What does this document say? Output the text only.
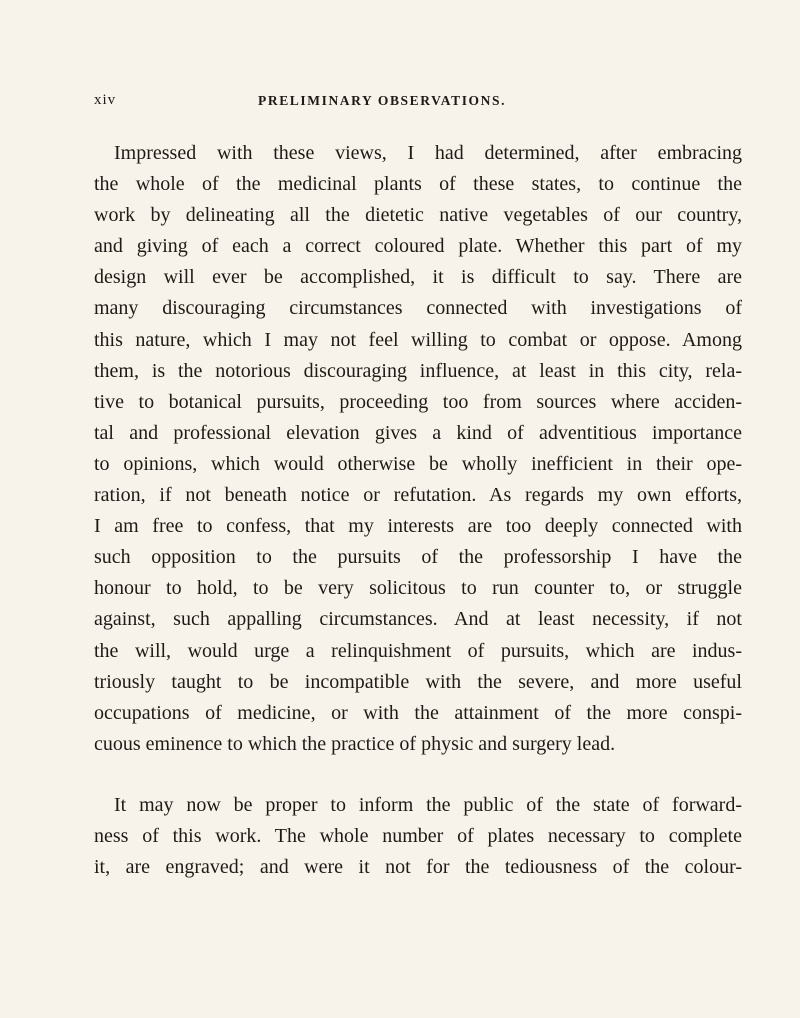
xiv	PRELIMINARY OBSERVATIONS.

Impressed with these views, I had determined, after embracing
the whole of the medicinal plants of these states, to continue the
work by delineating all the dietetic native vegetables of our country,
and giving of each a correct coloured plate. Whether this part of my
design will ever be accomplished, it is difficult to say. There are
many discouraging circumstances connected with investigations of
this nature, which I may not feel willing to combat or oppose. Among
them, is the notorious discouraging influence, at least in this city, rela-
tive to botanical pursuits, proceeding too from sources where acciden-
tal and professional elevation gives a kind of adventitious importance
to opinions, which would otherwise be wholly inefficient in their ope-
ration, if not beneath notice or refutation. As regards my own efforts,
I am free to confess, that my interests are too deeply connected with
such opposition to the pursuits of the professorship I have the
honour to hold, to be very solicitous to run counter to, or struggle
against, such appalling circumstances. And at least necessity, if not
the will, would urge a relinquishment of pursuits, which are indus-
triously taught to be incompatible with the severe, and more useful
occupations of medicine, or with the attainment of the more conspi-
cuous eminence to which the practice of physic and surgery lead.

It may now be proper to inform the public of the state of forward-
ness of this work. The whole number of plates necessary to complete
it, are engraved; and were it not for the tediousness of the colour-
